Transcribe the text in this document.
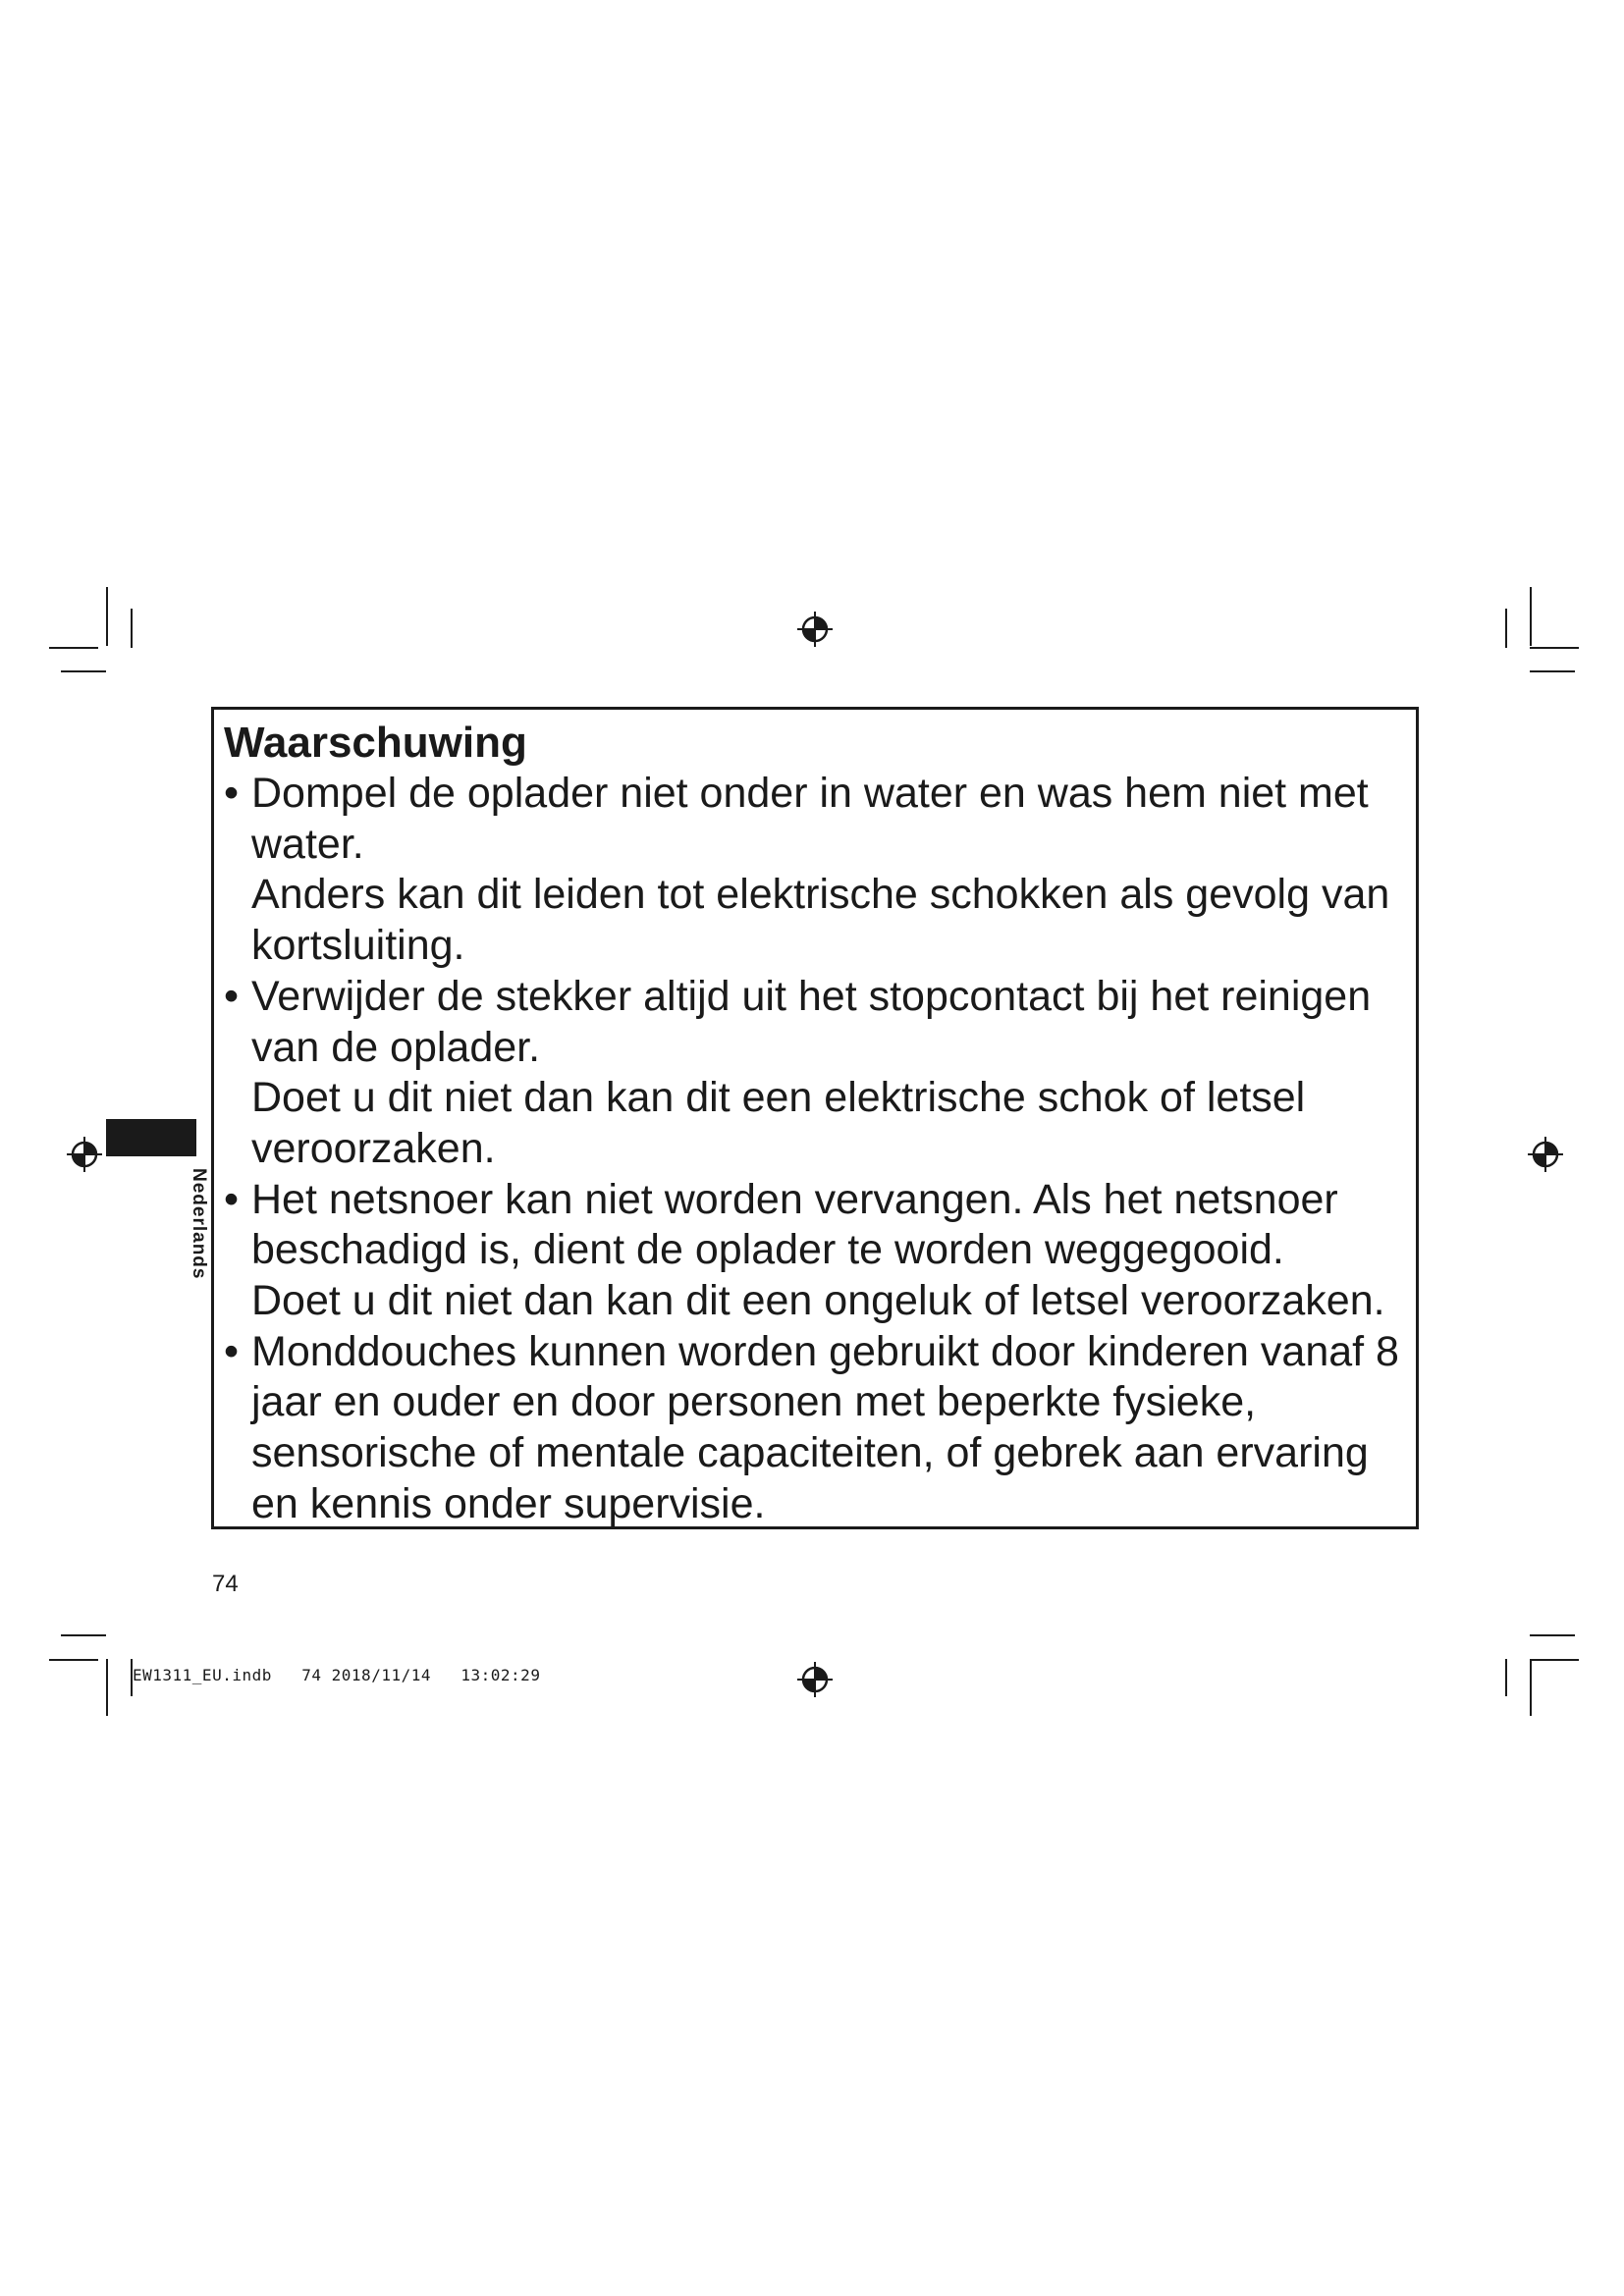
Nederlands
Waarschuwing
• Dompel de oplader niet onder in water en was hem niet met water.

Anders kan dit leiden tot elektrische schokken als gevolg van kortsluiting.

• Verwijder de stekker altijd uit het stopcontact bij het reinigen van de oplader.

Doet u dit niet dan kan dit een elektrische schok of letsel veroorzaken.

• Het netsnoer kan niet worden vervangen. Als het netsnoer beschadigd is, dient de oplader te worden weggegooid.

Doet u dit niet dan kan dit een ongeluk of letsel veroorzaken.

• Monddouches kunnen worden gebruikt door kinderen vanaf 8 jaar en ouder en door personen met beperkte fysieke, sensorische of mentale capaciteiten, of gebrek aan ervaring en kennis onder supervisie.

74
EW1311_EU.indb   74 2018/11/14   13:02:29
